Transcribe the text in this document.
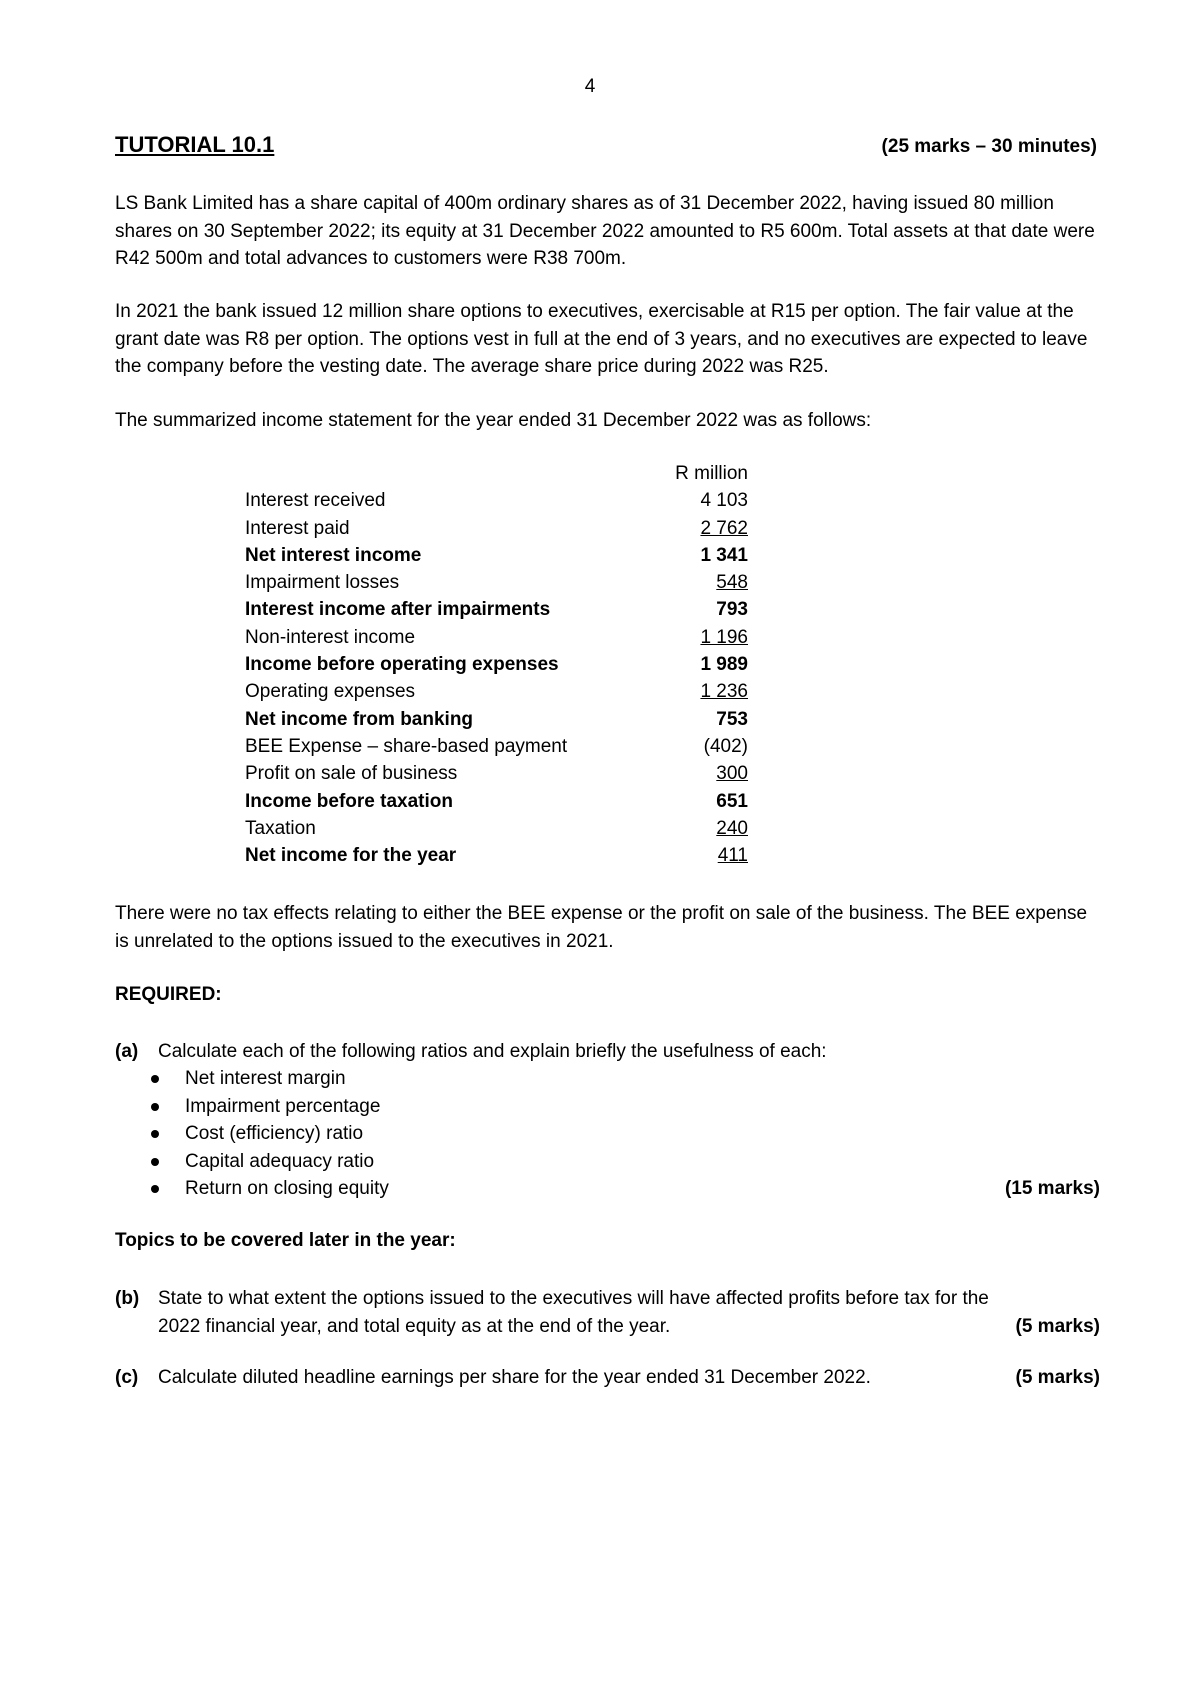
4
TUTORIAL 10.1	(25 marks – 30 minutes)

LS Bank Limited has a share capital of 400m ordinary shares as of 31 December 2022, having issued 80 million shares on 30 September 2022; its equity at 31 December 2022 amounted to R5 600m. Total assets at that date were R42 500m and total advances to customers were R38 700m.

In 2021 the bank issued 12 million share options to executives, exercisable at R15 per option. The fair value at the grant date was R8 per option. The options vest in full at the end of 3 years, and no executives are expected to leave the company before the vesting date. The average share price during 2022 was R25.

The summarized income statement for the year ended 31 December 2022 was as follows:

	R million
Interest received	4 103
Interest paid	2 762
Net interest income	1 341
Impairment losses	548
Interest income after impairments	793
Non-interest income	1 196
Income before operating expenses	1 989
Operating expenses	1 236
Net income from banking	753
BEE Expense – share-based payment	(402)
Profit on sale of business	300
Income before taxation	651
Taxation	240
Net income for the year	411

There were no tax effects relating to either the BEE expense or the profit on sale of the business. The BEE expense is unrelated to the options issued to the executives in 2021.

REQUIRED:
(a) Calculate each of the following ratios and explain briefly the usefulness of each:
Net interest margin
Impairment percentage
Cost (efficiency) ratio
Capital adequacy ratio
Return on closing equity	(15 marks)
Topics to be covered later in the year:
(b) State to what extent the options issued to the executives will have affected profits before tax for the
2022 financial year, and total equity as at the end of the year.	(5 marks)
(c) Calculate diluted headline earnings per share for the year ended 31 December 2022.	(5 marks)
